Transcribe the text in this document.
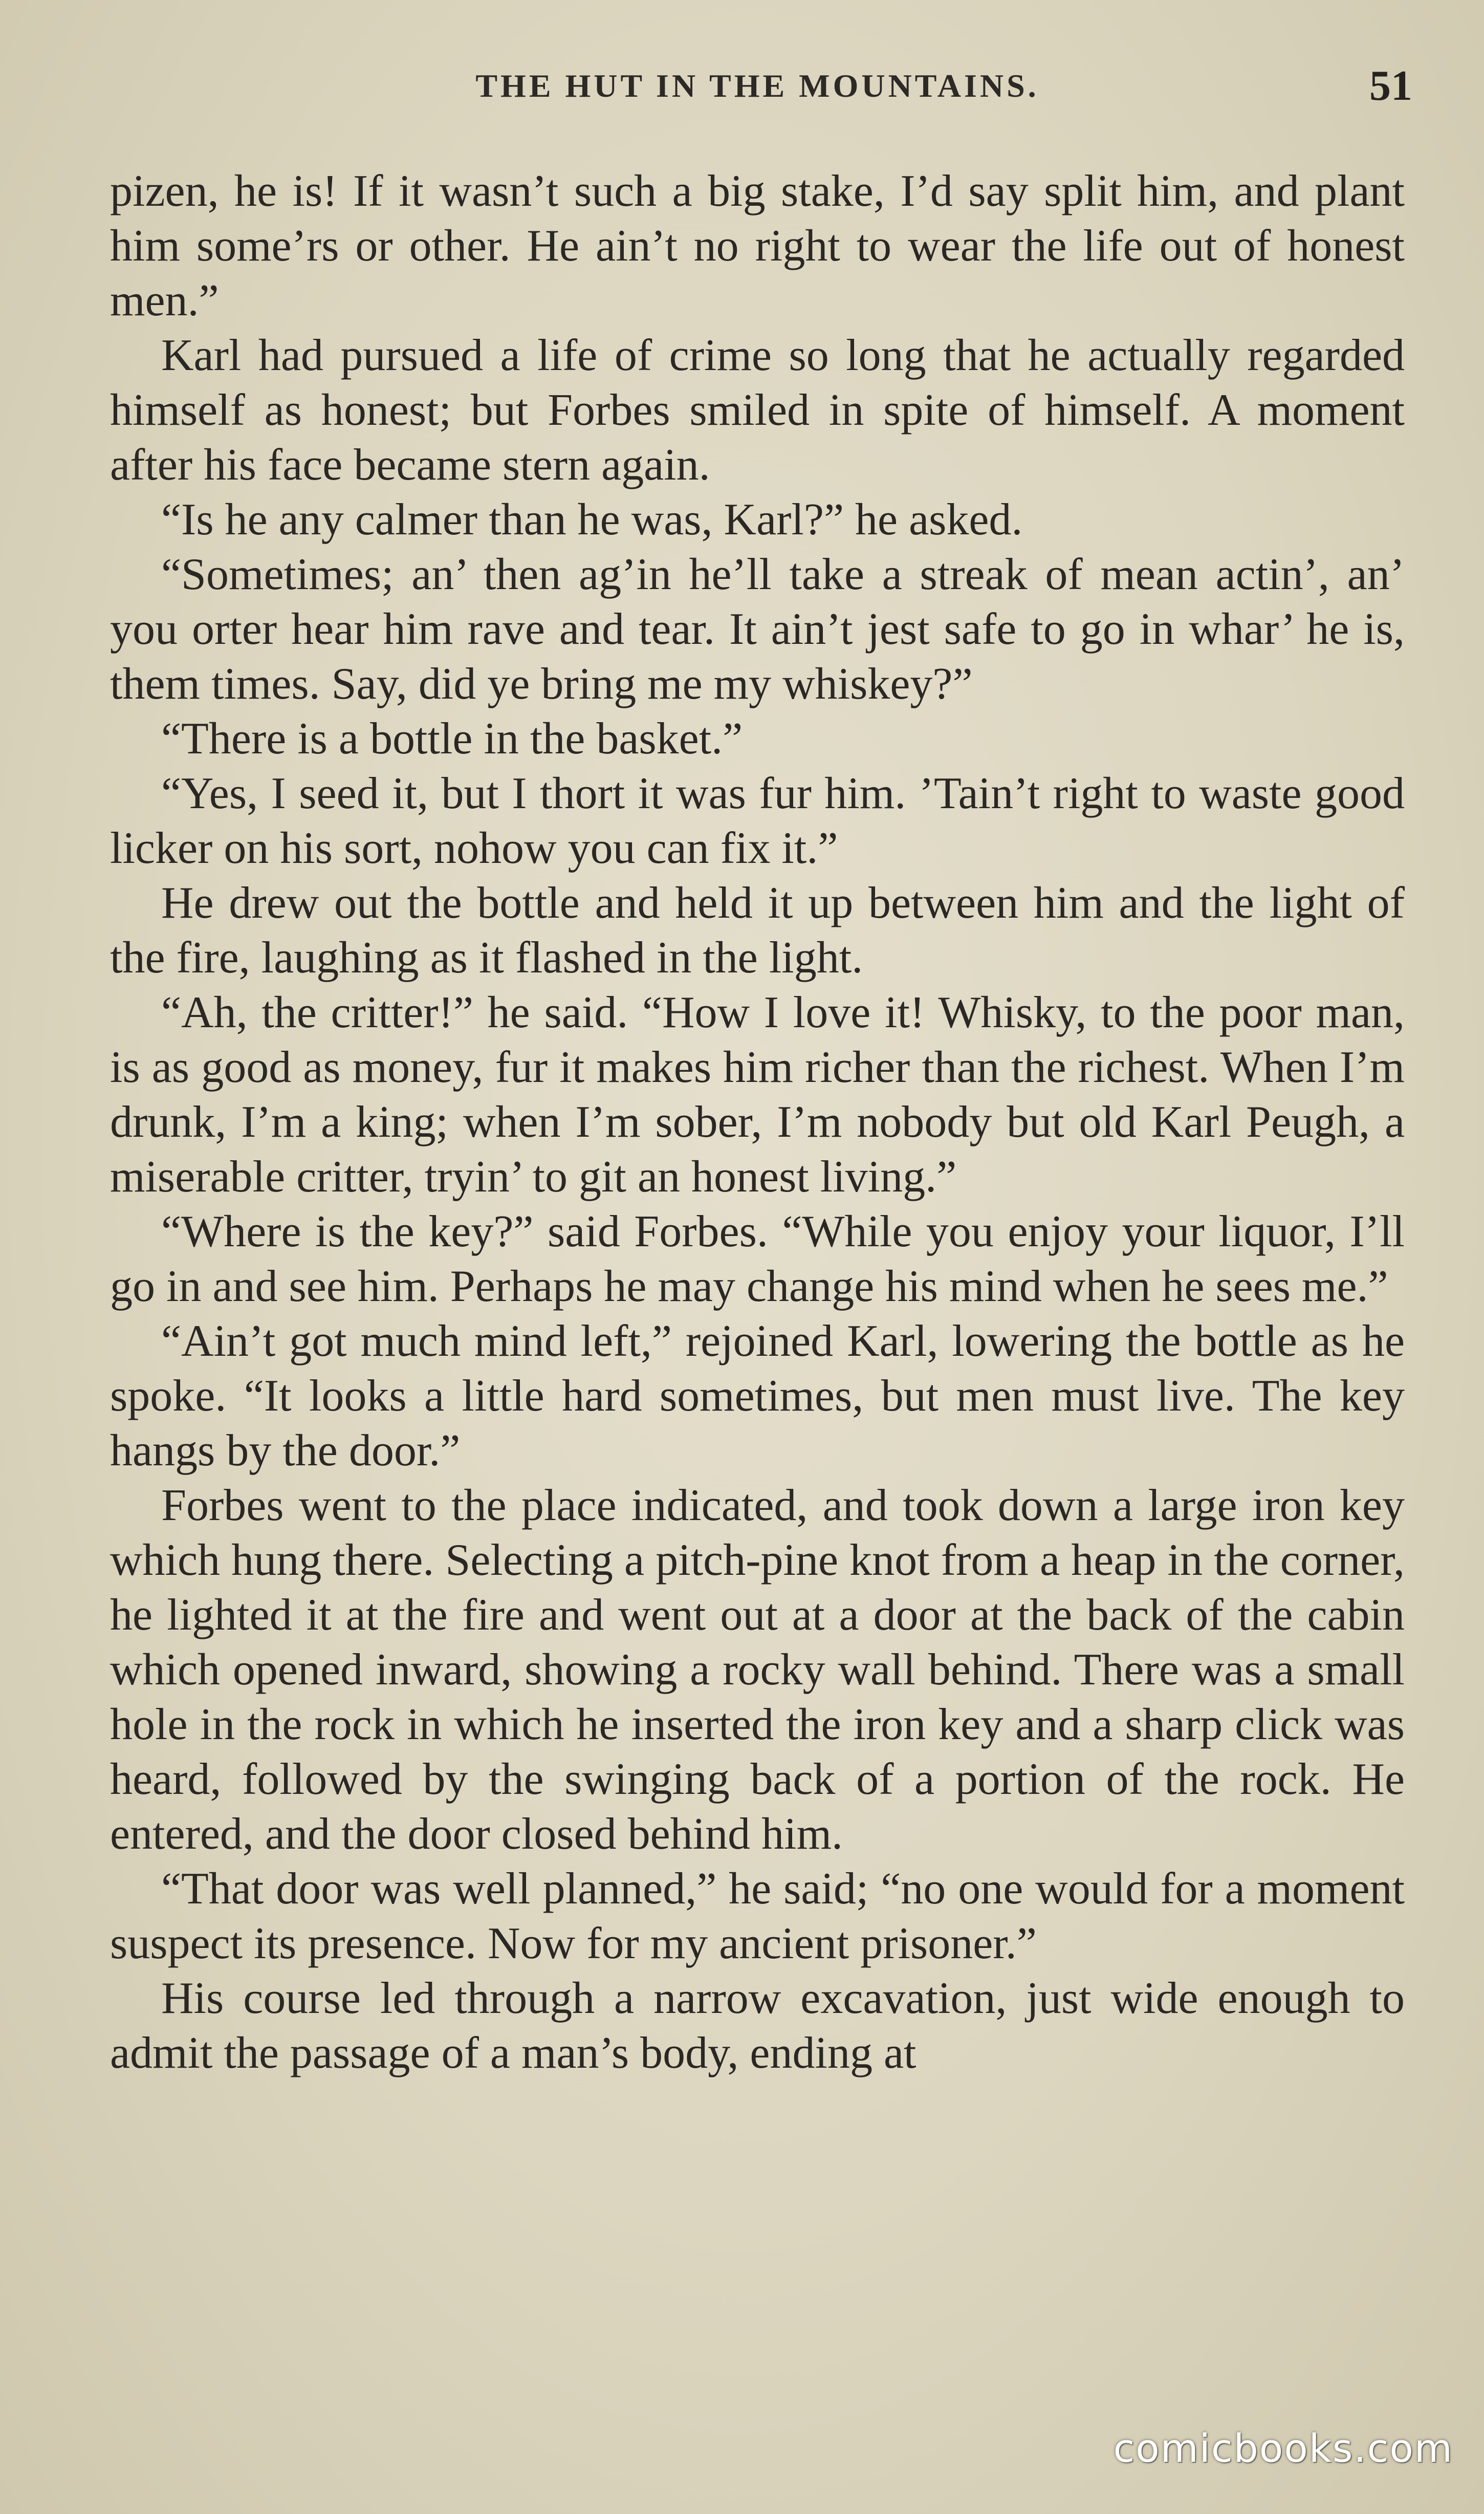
THE HUT IN THE MOUNTAINS.	51

pizen, he is! If it wasn’t such a big stake, I’d say split him, and plant him some’rs or other. He ain’t no right to wear the life out of honest men.”

Karl had pursued a life of crime so long that he actually regarded himself as honest; but Forbes smiled in spite of himself. A moment after his face became stern again.

“Is he any calmer than he was, Karl?” he asked.

“Sometimes; an’ then ag’in he’ll take a streak of mean actin’, an’ you orter hear him rave and tear. It ain’t jest safe to go in whar’ he is, them times. Say, did ye bring me my whiskey?”

“There is a bottle in the basket.”

“Yes, I seed it, but I thort it was fur him. ’Tain’t right to waste good licker on his sort, nohow you can fix it.”

He drew out the bottle and held it up between him and the light of the fire, laughing as it flashed in the light.

“Ah, the critter!” he said. “How I love it! Whisky, to the poor man, is as good as money, fur it makes him richer than the richest. When I’m drunk, I’m a king; when I’m sober, I’m nobody but old Karl Peugh, a miserable critter, tryin’ to git an honest living.”

“Where is the key?” said Forbes. “While you enjoy your liquor, I’ll go in and see him. Perhaps he may change his mind when he sees me.”

“Ain’t got much mind left,” rejoined Karl, lowering the bottle as he spoke. “It looks a little hard sometimes, but men must live. The key hangs by the door.”

Forbes went to the place indicated, and took down a large iron key which hung there. Selecting a pitch-pine knot from a heap in the corner, he lighted it at the fire and went out at a door at the back of the cabin which opened inward, showing a rocky wall behind. There was a small hole in the rock in which he inserted the iron key and a sharp click was heard, followed by the swinging back of a portion of the rock. He entered, and the door closed behind him.

“That door was well planned,” he said; “no one would for a moment suspect its presence. Now for my ancient prisoner.”

His course led through a narrow excavation, just wide enough to admit the passage of a man’s body, ending at

comicbooks.com
